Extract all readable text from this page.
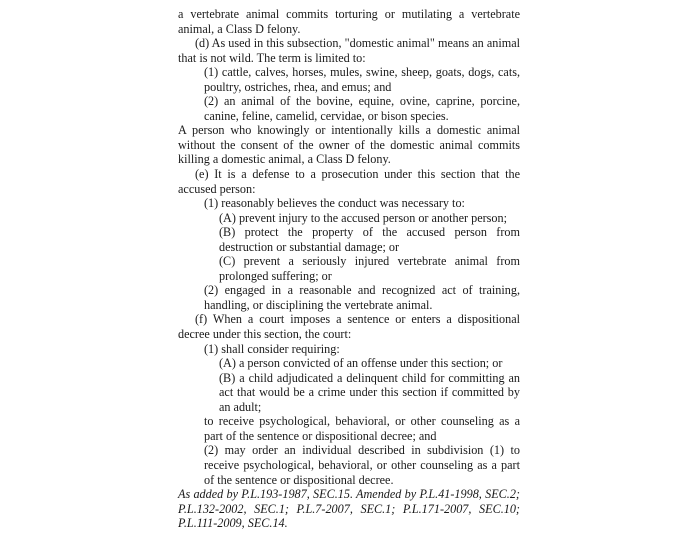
a vertebrate animal commits torturing or mutilating a vertebrate animal, a Class D felony.

(d) As used in this subsection, "domestic animal" means an animal that is not wild. The term is limited to:

(1) cattle, calves, horses, mules, swine, sheep, goats, dogs, cats, poultry, ostriches, rhea, and emus; and

(2) an animal of the bovine, equine, ovine, caprine, porcine, canine, feline, camelid, cervidae, or bison species.

A person who knowingly or intentionally kills a domestic animal without the consent of the owner of the domestic animal commits killing a domestic animal, a Class D felony.

(e) It is a defense to a prosecution under this section that the accused person:

(1) reasonably believes the conduct was necessary to:

(A) prevent injury to the accused person or another person;

(B) protect the property of the accused person from destruction or substantial damage; or

(C) prevent a seriously injured vertebrate animal from prolonged suffering; or

(2) engaged in a reasonable and recognized act of training, handling, or disciplining the vertebrate animal.

(f) When a court imposes a sentence or enters a dispositional decree under this section, the court:

(1) shall consider requiring:

(A) a person convicted of an offense under this section; or

(B) a child adjudicated a delinquent child for committing an act that would be a crime under this section if committed by an adult;

to receive psychological, behavioral, or other counseling as a part of the sentence or dispositional decree; and

(2) may order an individual described in subdivision (1) to receive psychological, behavioral, or other counseling as a part of the sentence or dispositional decree.

As added by P.L.193-1987, SEC.15. Amended by P.L.41-1998, SEC.2; P.L.132-2002, SEC.1; P.L.7-2007, SEC.1; P.L.171-2007, SEC.10; P.L.111-2009, SEC.14.
